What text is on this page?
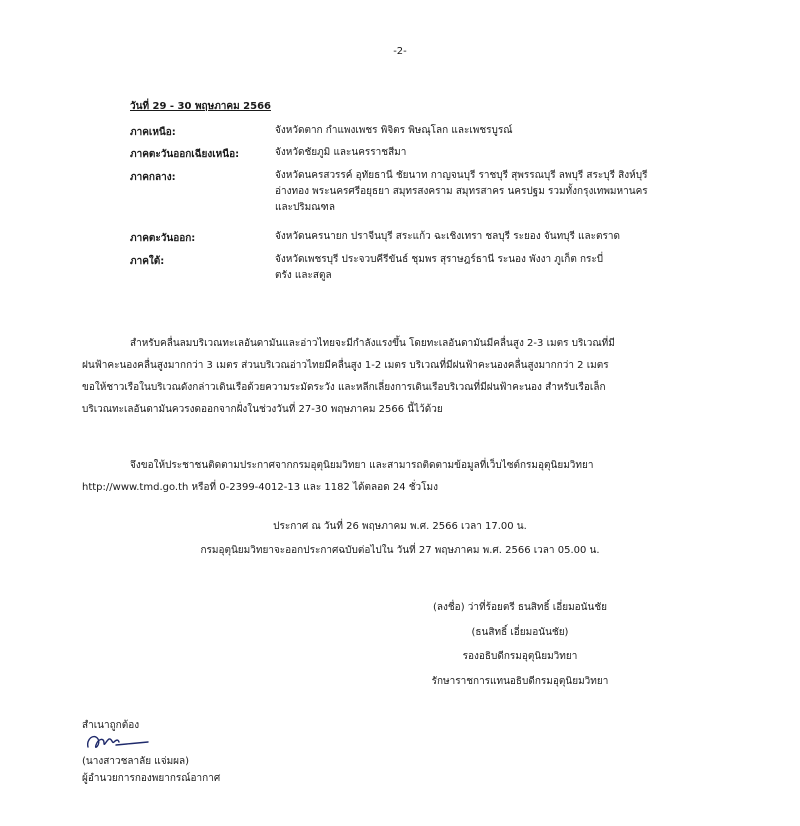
-2-
วันที่ 29 - 30 พฤษภาคม 2566
ภาคเหนือ:	จังหวัดตาก กำแพงเพชร พิจิตร พิษณุโลก และเพชรบูรณ์
ภาคตะวันออกเฉียงเหนือ:	จังหวัดชัยภูมิ และนครราชสีมา
ภาคกลาง:	จังหวัดนครสวรรค์ อุทัยธานี ชัยนาท กาญจนบุรี ราชบุรี สุพรรณบุรี ลพบุรี สระบุรี สิงห์บุรี
อ่างทอง พระนครศรีอยุธยา สมุทรสงคราม สมุทรสาคร นครปฐม รวมทั้งกรุงเทพมหานคร
และปริมณฑล
ภาคตะวันออก:	จังหวัดนครนายก ปราจีนบุรี สระแก้ว ฉะเชิงเทรา ชลบุรี ระยอง จันทบุรี และตราด
ภาคใต้:	จังหวัดเพชรบุรี ประจวบคีรีขันธ์ ชุมพร สุราษฎร์ธานี ระนอง พังงา ภูเก็ต กระบี่
ตรัง และสตูล
สำหรับคลื่นลมบริเวณทะเลอันดามันและอ่าวไทยจะมีกำลังแรงขึ้น โดยทะเลอันดามันมีคลื่นสูง 2-3 เมตร บริเวณที่มี
ฝนฟ้าคะนองคลื่นสูงมากกว่า 3 เมตร ส่วนบริเวณอ่าวไทยมีคลื่นสูง 1-2 เมตร บริเวณที่มีฝนฟ้าคะนองคลื่นสูงมากกว่า 2 เมตร
ขอให้ชาวเรือในบริเวณดังกล่าวเดินเรือด้วยความระมัดระวัง และหลีกเลี่ยงการเดินเรือบริเวณที่มีฝนฟ้าคะนอง สำหรับเรือเล็ก
บริเวณทะเลอันดามันควรงดออกจากฝั่งในช่วงวันที่ 27-30 พฤษภาคม 2566 นี้ไว้ด้วย
จึงขอให้ประชาชนติดตามประกาศจากกรมอุตุนิยมวิทยา และสามารถติดตามข้อมูลที่เว็บไซต์กรมอุตุนิยมวิทยา
http://www.tmd.go.th หรือที่ 0-2399-4012-13 และ 1182 ได้ตลอด 24 ชั่วโมง
ประกาศ ณ วันที่ 26 พฤษภาคม พ.ศ. 2566 เวลา 17.00 น.
กรมอุตุนิยมวิทยาจะออกประกาศฉบับต่อไปใน วันที่ 27 พฤษภาคม พ.ศ. 2566 เวลา 05.00 น.
(ลงชื่อ) ว่าที่ร้อยตรี ธนสิทธิ์ เอี่ยมอนันชัย
(ธนสิทธิ์ เอี่ยมอนันชัย)
รองอธิบดีกรมอุตุนิยมวิทยา
รักษาราชการแทนอธิบดีกรมอุตุนิยมวิทยา
สำเนาถูกต้อง
(นางสาวชลาลัย แจ่มผล)
ผู้อำนวยการกองพยากรณ์อากาศ
